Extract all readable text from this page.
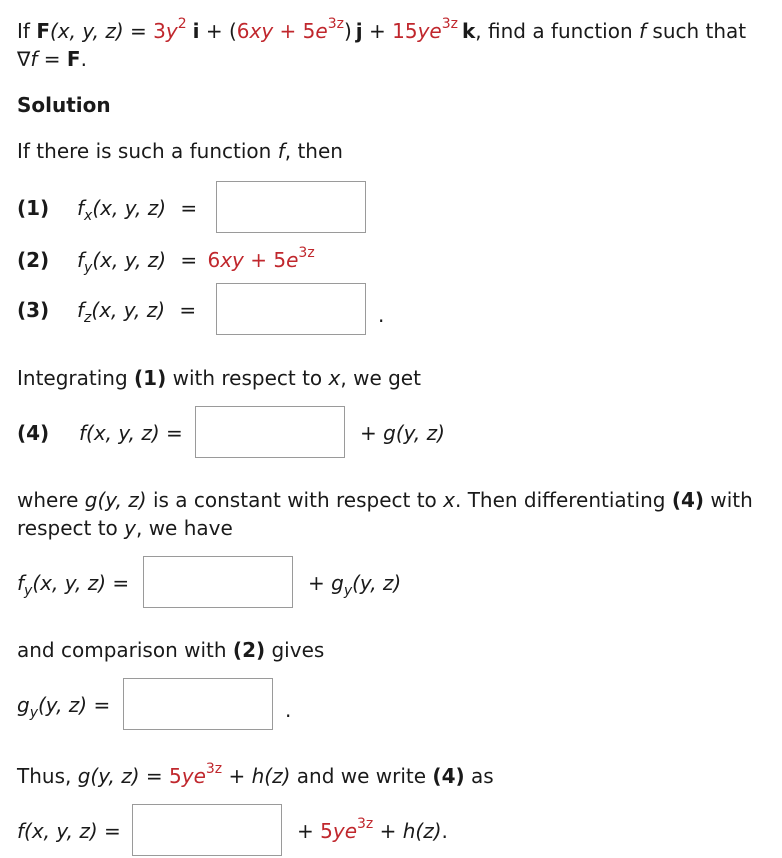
If F(x, y, $z) = 3y^2$ $i + (6xy + 5e^{3z})$ $j + 15ye^{3z}$ k, find a function f such that
∇f = F.
Solution
If there is such a function f, then
(1) $f_x(x$, y, z) =
(2) $f_y(x$, y, $z) = 6xy + 5e^{3z}$
(3) $f_z(x$, y, z) =	.
Integrating (1) with respect to x, we get
(4) f(x, y, z) =	+ g(y, z)
where g(y, z) is a constant with respect to x. Then differentiating (4) with
respect to y, we have
$f_y(x$, y, z) =	+ $g_y(y$, z)
and comparison with (2) gives
$g_y(y$, z) =	.
Thus, g(y, $z) = 5ye^{3z} + h(z)$ and we write (4) as
f(x, y, z) =	+ $5ye^{3z} + h(z)$.
